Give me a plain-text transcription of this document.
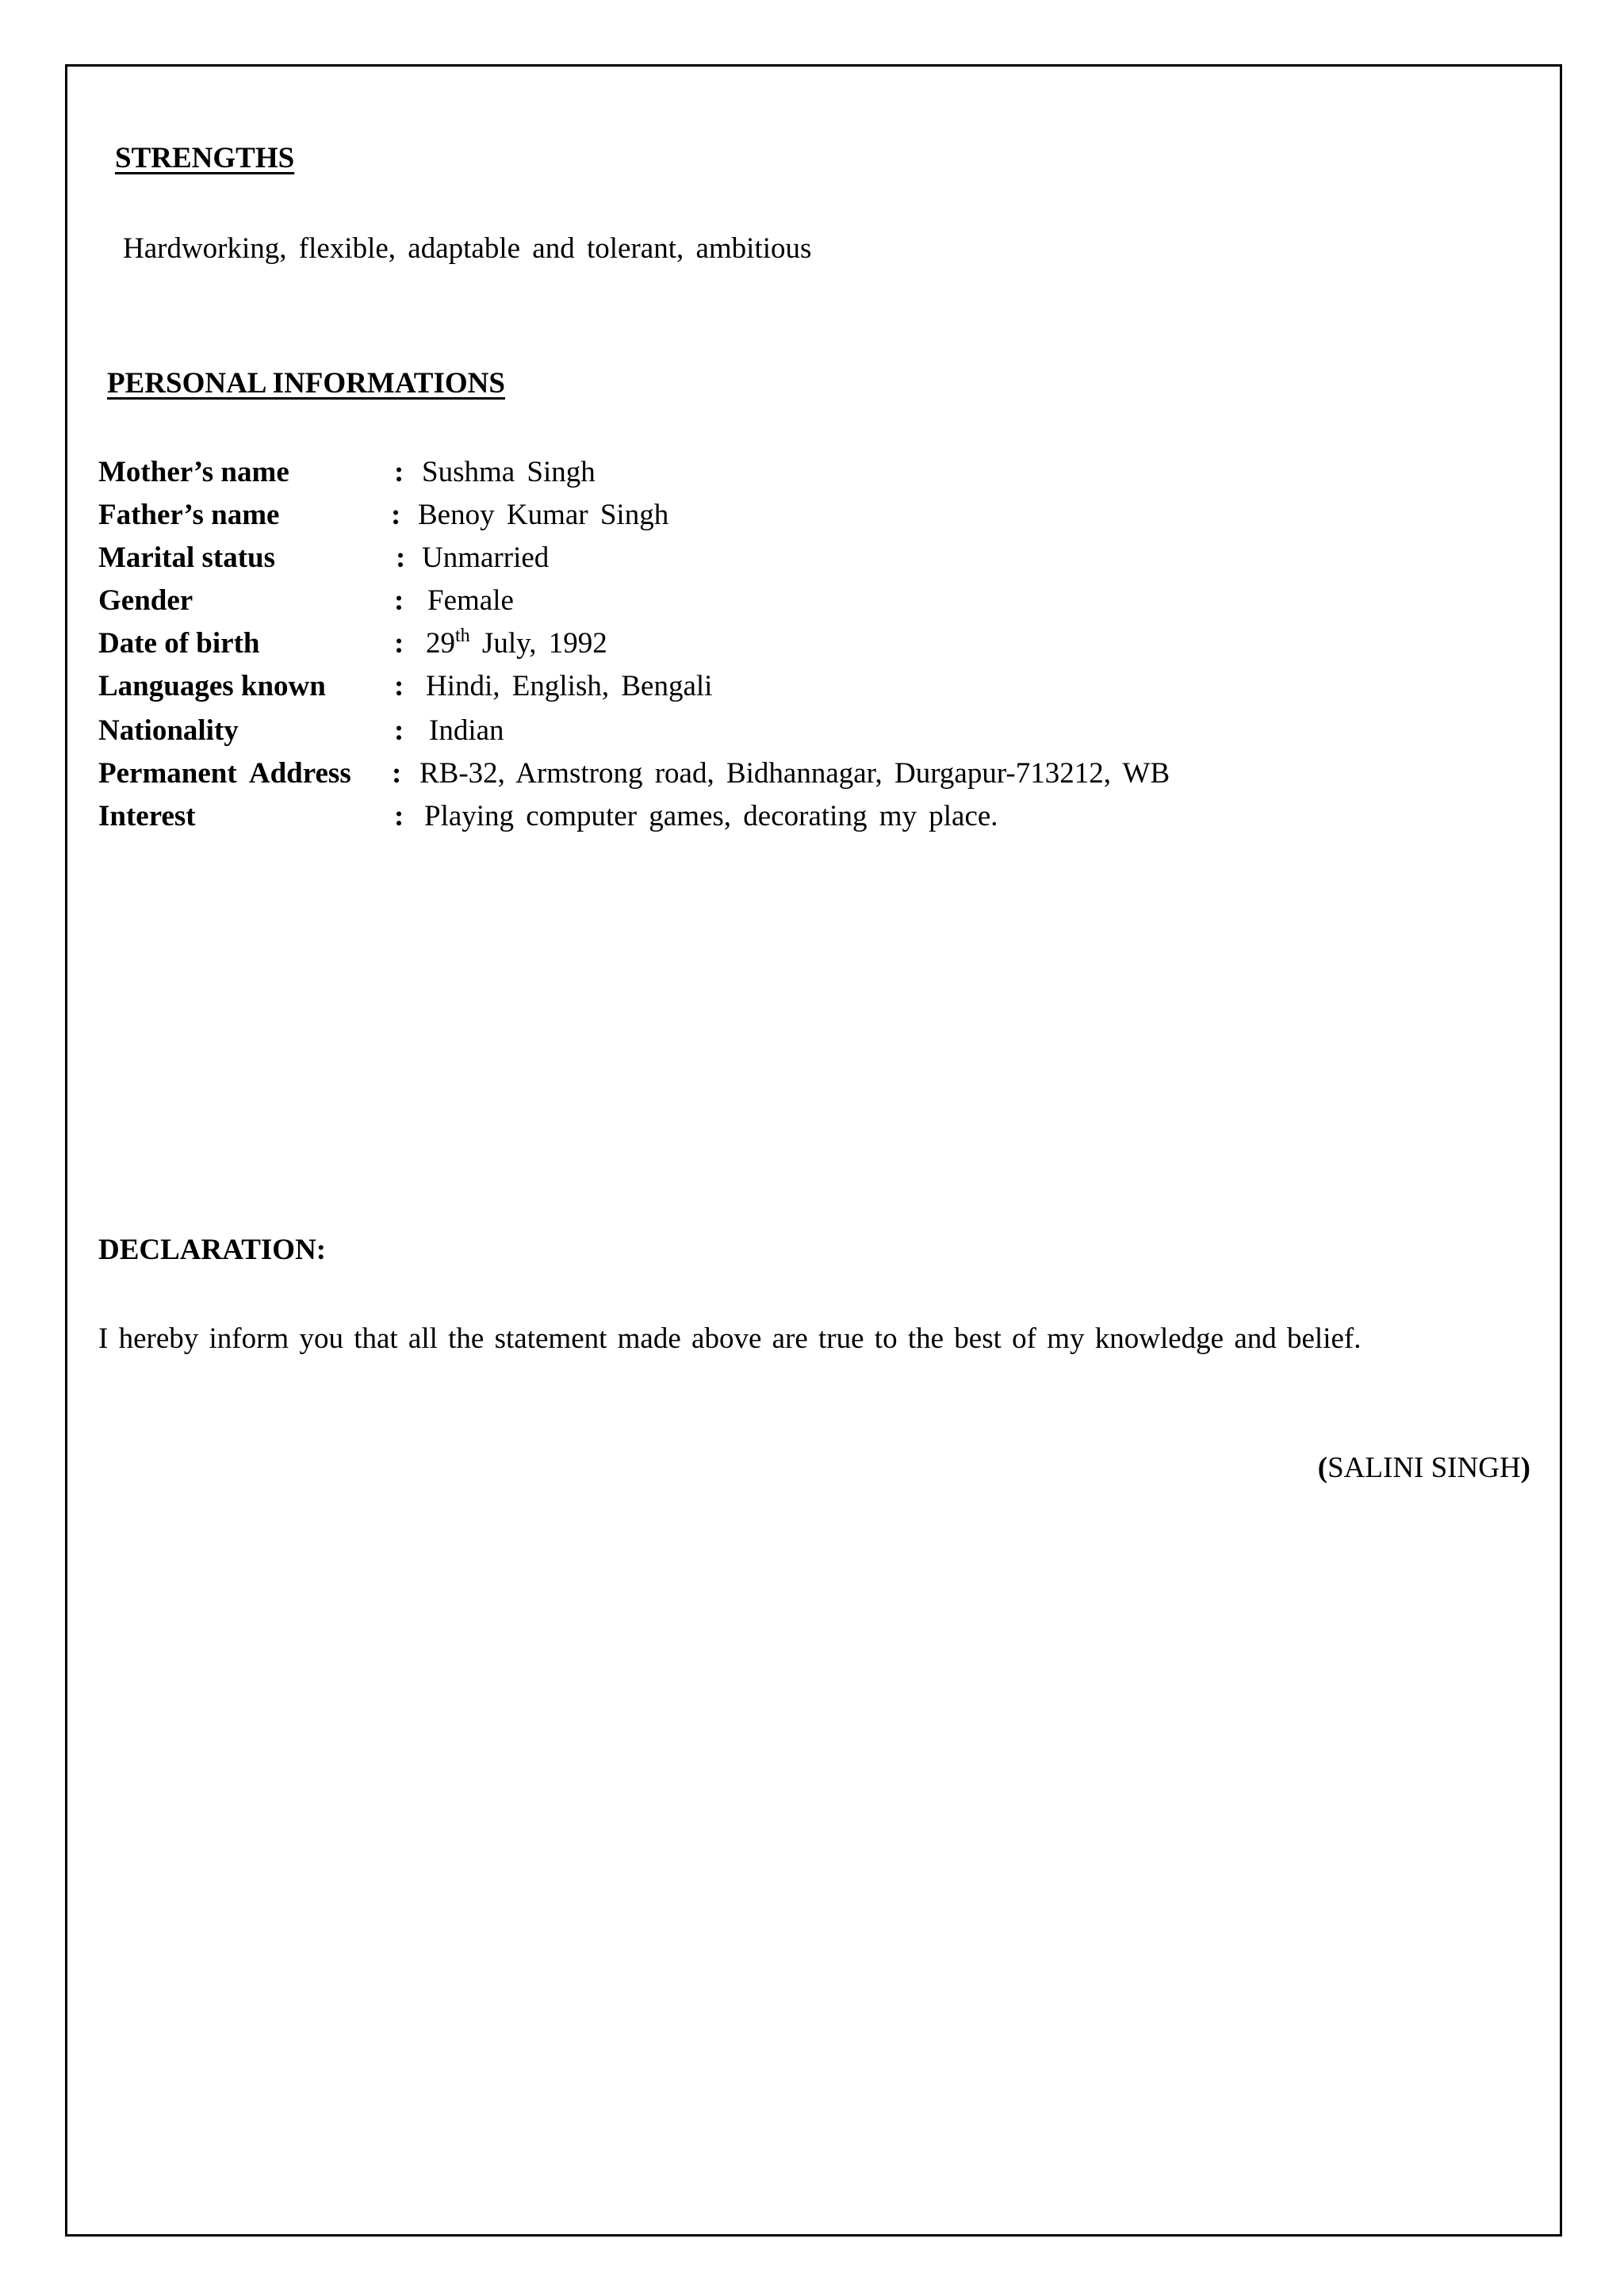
STRENGTHS
Hardworking, flexible, adaptable and tolerant, ambitious
PERSONAL INFORMATIONS
Mother’s name	: Sushma Singh
Father’s name	: Benoy Kumar Singh
Marital status	: Unmarried
Gender	: Female
Date of birth	: 29th July, 1992
Languages known : Hindi, English, Bengali
Nationality	: Indian
Permanent Address : RB-32, Armstrong road, Bidhannagar, Durgapur-713212, WB
Interest	: Playing computer games, decorating my place.
DECLARATION:
I hereby inform you that all the statement made above are true to the best of my knowledge and belief.
(SALINI SINGH)
